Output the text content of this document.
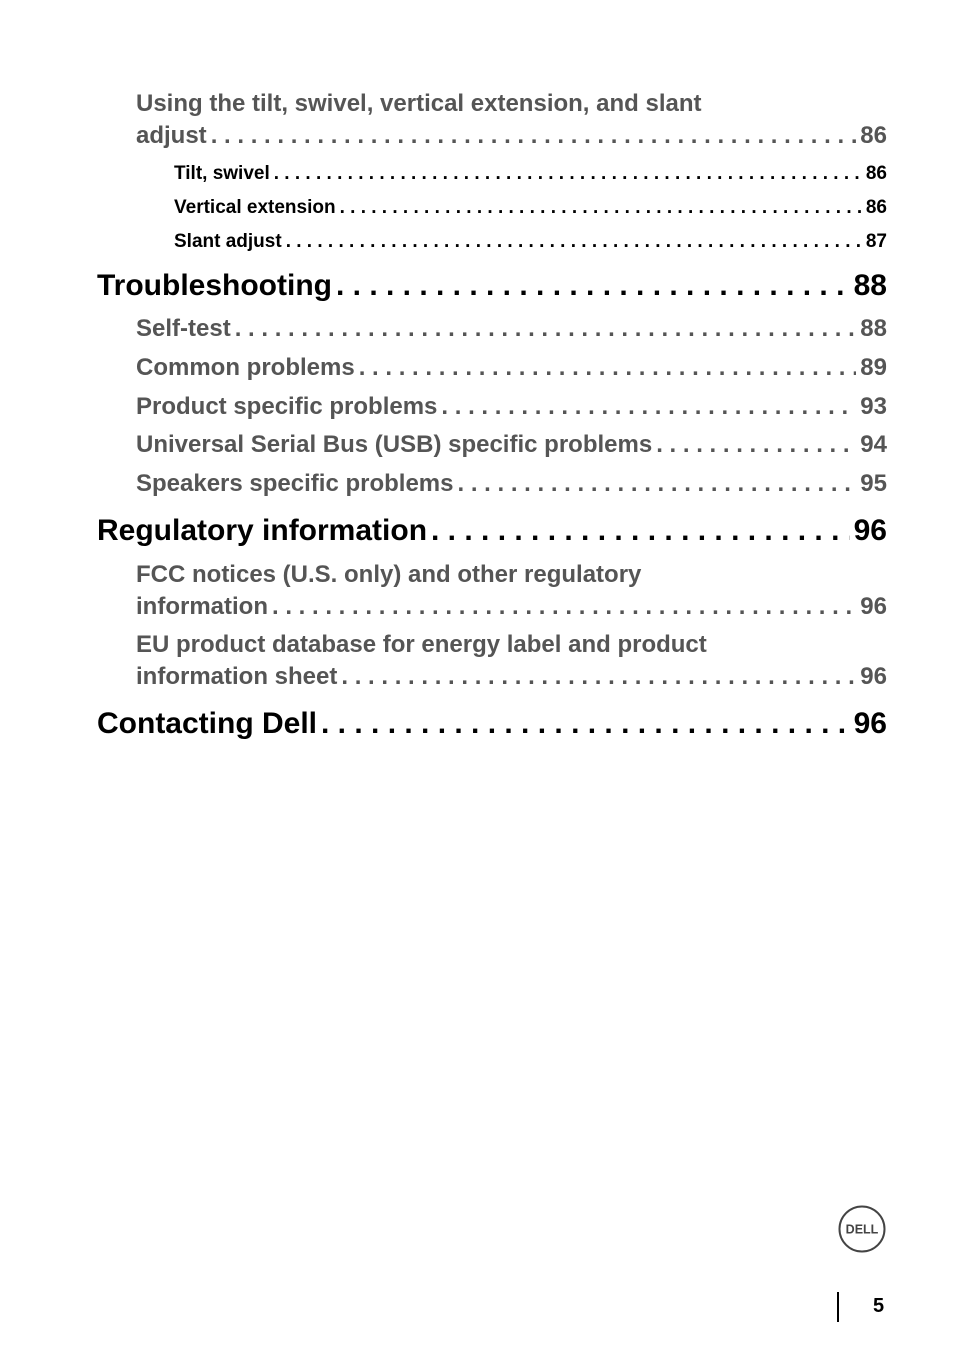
Using the tilt, swivel, vertical extension, and slant
adjust . . .	86
Tilt, swivel . . .	86
Vertical extension . . .	86
Slant adjust . . .	87
Troubleshooting . . .	88
Self-test . . .	88
Common problems . . .	89
Product specific problems . . .	93
Universal Serial Bus (USB) specific problems . . .	94
Speakers specific problems . . .	95
Regulatory information . . .	96
FCC notices (U.S. only) and other regulatory
information . . .	96
EU product database for energy label and product
information sheet . . .	96
Contacting Dell . . .	96
DELL
5
